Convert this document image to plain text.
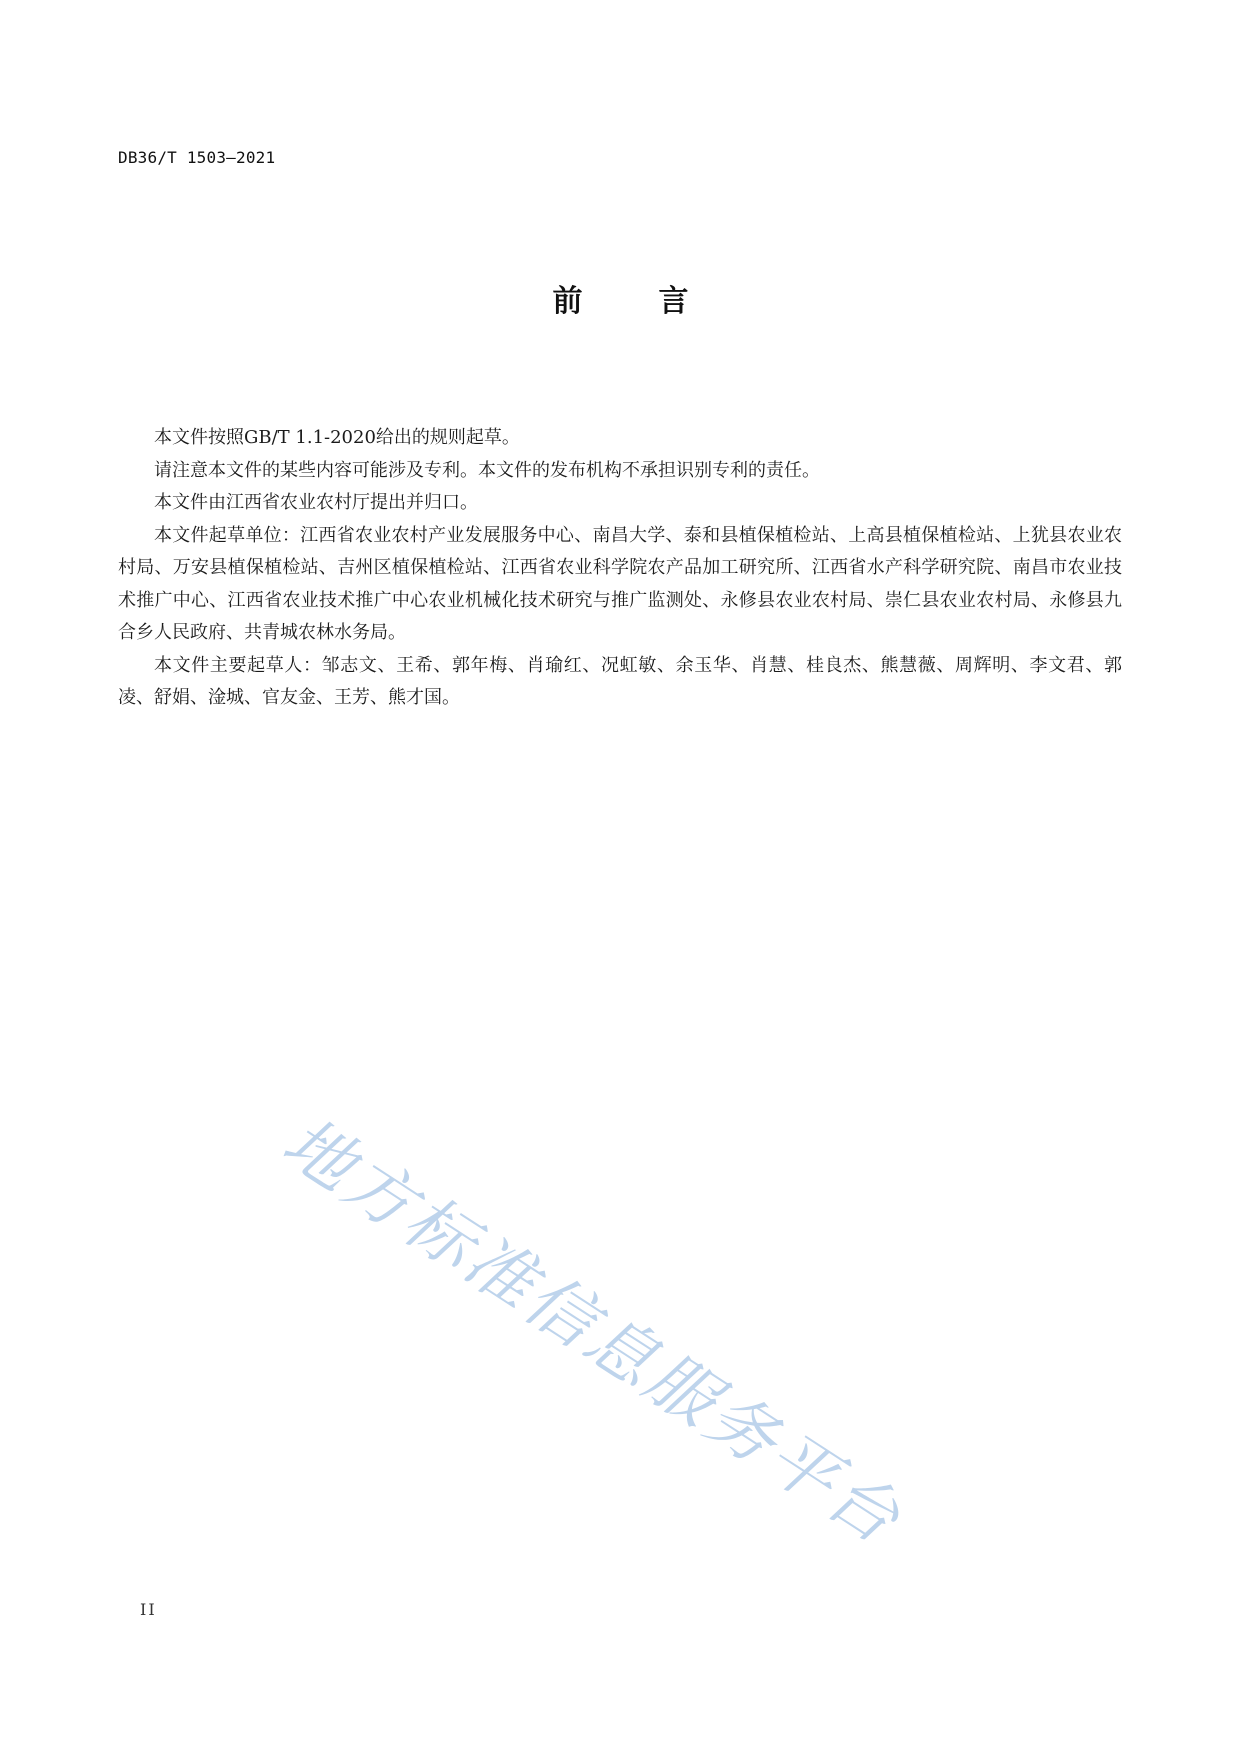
DB36/T 1503—2021
前	言

本文件按照GB/T 1.1-2020给出的规则起草。

请注意本文件的某些内容可能涉及专利。本文件的发布机构不承担识别专利的责任。

本文件由江西省农业农村厅提出并归口。

本文件起草单位：江西省农业农村产业发展服务中心、南昌大学、泰和县植保植检站、上高县植保植检站、上犹县农业农村局、万安县植保植检站、吉州区植保植检站、江西省农业科学院农产品加工研究所、江西省水产科学研究院、南昌市农业技术推广中心、江西省农业技术推广中心农业机械化技术研究与推广监测处、永修县农业农村局、崇仁县农业农村局、永修县九合乡人民政府、共青城农林水务局。

本文件主要起草人：邹志文、王希、郭年梅、肖瑜红、况虹敏、余玉华、肖慧、桂良杰、熊慧薇、周辉明、李文君、郭凌、舒娟、淦城、官友金、王芳、熊才国。

地方标准信息服务平台
II
